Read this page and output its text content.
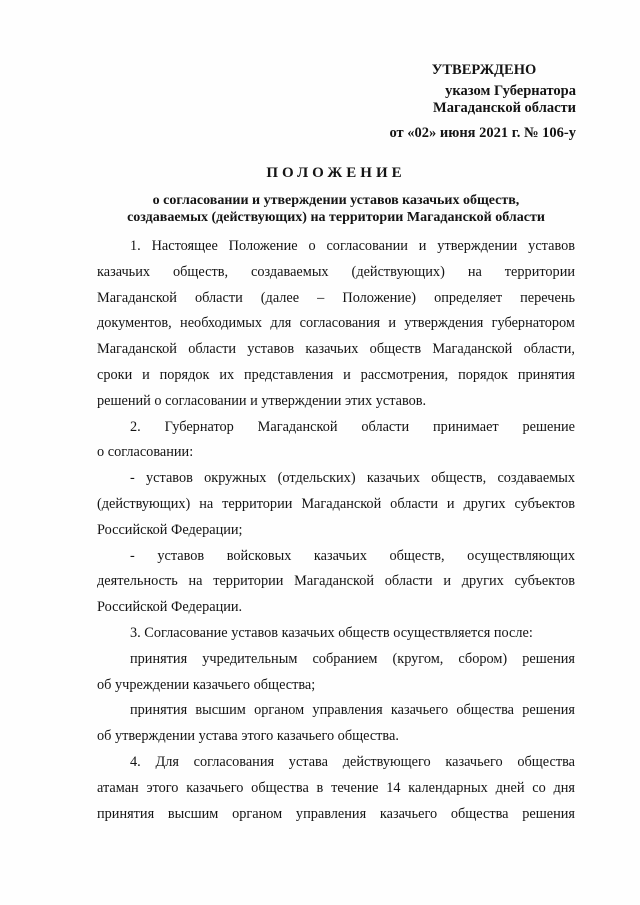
УТВЕРЖДЕНО
указом Губернатора
Магаданской области
от «02» июня 2021 г. № 106-у
ПОЛОЖЕНИЕ
о согласовании и утверждении уставов казачьих обществ,
создаваемых (действующих) на территории Магаданской области
1. Настоящее Положение о согласовании и утверждении уставов
казачьих обществ, создаваемых (действующих) на территории
Магаданской области (далее – Положение) определяет перечень
документов, необходимых для согласования и утверждения губернатором
Магаданской области уставов казачьих обществ Магаданской области,
сроки и порядок их представления и рассмотрения, порядок принятия
решений о согласовании и утверждении этих уставов.
2. Губернатор Магаданской области принимает решение
о согласовании:
- уставов окружных (отдельских) казачьих обществ, создаваемых
(действующих) на территории Магаданской области и других субъектов
Российской Федерации;
- уставов войсковых казачьих обществ, осуществляющих
деятельность на территории Магаданской области и других субъектов
Российской Федерации.
3. Согласование уставов казачьих обществ осуществляется после:
принятия учредительным собранием (кругом, сбором) решения
об учреждении казачьего общества;
принятия высшим органом управления казачьего общества решения
об утверждении устава этого казачьего общества.
4. Для согласования устава действующего казачьего общества
атаман этого казачьего общества в течение 14 календарных дней со дня
принятия высшим органом управления казачьего общества решения
